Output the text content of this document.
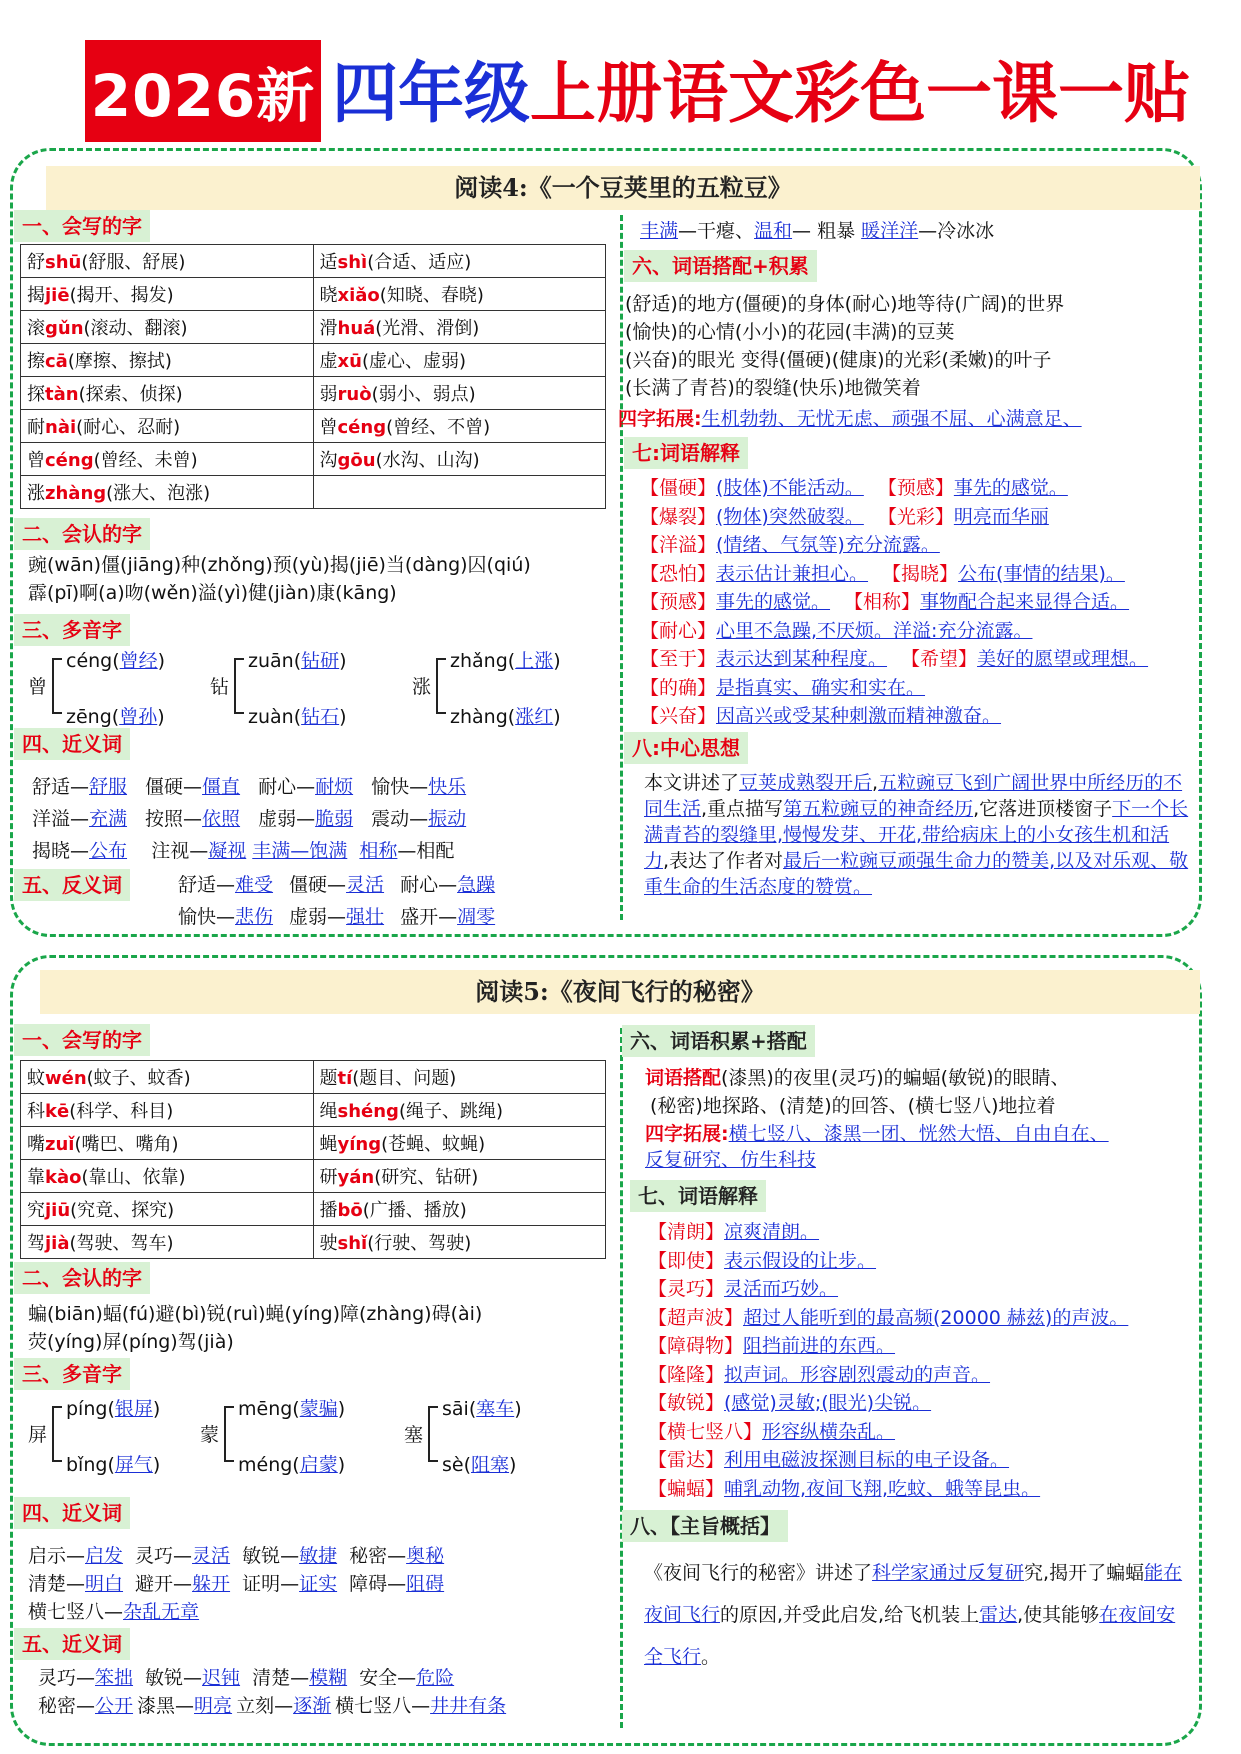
2026新 四年级上册语文彩色一课一贴
阅读4:《一个豆荚里的五粒豆》
一、会写的字
舒shū(舒服、舒展)	适shì(合适、适应)
揭jiē(揭开、揭发)	晓xiǎo(知晓、春晓)
滚gǔn(滚动、翻滚)	滑huá(光滑、滑倒)
擦cā(摩擦、擦拭)	虚xū(虚心、虚弱)
探tàn(探索、侦探)	弱ruò(弱小、弱点)
耐nài(耐心、忍耐)	曾céng(曾经、不曾)
曾céng(曾经、未曾)	沟gōu(水沟、山沟)
涨zhàng(涨大、泡涨)	
二、会认的字
豌(wān)僵(jiāng)种(zhǒng)预(yù)揭(jiē)当(dàng)囚(qiú)
霹(pī)啊(a)吻(wěn)溢(yì)健(jiàn)康(kāng)
三、多音字
曾
céng(曾经)
zēng(曾孙)
钻
zuān(钻研)
zuàn(钻石)
涨
zhǎng(上涨)
zhàng(涨红)
四、近义词
舒适—舒服 僵硬—僵直 耐心—耐烦 愉快—快乐
洋溢—充满 按照—依照 虚弱—脆弱 震动—振动
揭晓—公布 注视—凝视 丰满—饱满 相称—相配
五、反义词	舒适—难受 僵硬—灵活 耐心—急躁
愉快—悲伤 虚弱—强壮 盛开—凋零
丰满—干瘪、温和— 粗暴 暖洋洋—冷冰冰
六、词语搭配+积累
(舒适)的地方(僵硬)的身体(耐心)地等待(广阔)的世界
(愉快)的心情(小小)的花园(丰满)的豆荚
(兴奋)的眼光 变得(僵硬)(健康)的光彩(柔嫩)的叶子
(长满了青苔)的裂缝(快乐)地微笑着
四字拓展:生机勃勃、无忧无虑、顽强不屈、心满意足、
七:词语解释
【僵硬】(肢体)不能活动。 【预感】事先的感觉。
【爆裂】(物体)突然破裂。 【光彩】明亮而华丽
【洋溢】(情绪、气氛等)充分流露。
【恐怕】表示估计兼担心。 【揭晓】公布(事情的结果)。
【预感】事先的感觉。 【相称】事物配合起来显得合适。
【耐心】心里不急躁,不厌烦。洋溢:充分流露。
【至于】表示达到某种程度。 【希望】美好的愿望或理想。
【的确】是指真实、确实和实在。
【兴奋】因高兴或受某种刺激而精神激奋。
八:中心思想
本文讲述了豆荚成熟裂开后,五粒豌豆飞到广阔世界中所经历的不同生活,重点描写第五粒豌豆的神奇经历,它落进顶楼窗子下一个长满青苔的裂缝里,慢慢发芽、开花,带给病床上的小女孩生机和活力,表达了作者对最后一粒豌豆顽强生命力的赞美,以及对乐观、敬重生命的生活态度的赞赏。
阅读5:《夜间飞行的秘密》
一、会写的字
蚊wén(蚊子、蚊香)	题tí(题目、问题)
科kē(科学、科目)	绳shéng(绳子、跳绳)
嘴zuǐ(嘴巴、嘴角)	蝇yíng(苍蝇、蚊蝇)
靠kào(靠山、依靠)	研yán(研究、钻研)
究jiū(究竟、探究)	播bō(广播、播放)
驾jià(驾驶、驾车)	驶shǐ(行驶、驾驶)
二、会认的字
蝙(biān)蝠(fú)避(bì)锐(ruì)蝇(yíng)障(zhàng)碍(ài)
荧(yíng)屏(píng)驾(jià)
三、多音字
屏
píng(银屏)
bǐng(屏气)
蒙
mēng(蒙骗)
méng(启蒙)
塞
sāi(塞车)
sè(阻塞)
四、近义词
启示—启发 灵巧—灵活 敏锐—敏捷 秘密—奥秘
清楚—明白 避开—躲开 证明—证实 障碍—阻碍
横七竖八—杂乱无章
五、近义词
灵巧—笨拙 敏锐—迟钝 清楚—模糊 安全—危险
秘密—公开 漆黑—明亮 立刻—逐渐 横七竖八—井井有条
六、词语积累+搭配
词语搭配(漆黑)的夜里(灵巧)的蝙蝠(敏锐)的眼睛、
(秘密)地探路、(清楚)的回答、(横七竖八)地拉着
四字拓展:横七竖八、漆黑一团、恍然大悟、自由自在、
反复研究、仿生科技
七、词语解释
【清朗】凉爽清朗。
【即使】表示假设的让步。
【灵巧】灵活而巧妙。
【超声波】超过人能听到的最高频(20000 赫兹)的声波。
【障碍物】阻挡前进的东西。
【隆隆】拟声词。形容剧烈震动的声音。
【敏锐】(感觉)灵敏;(眼光)尖锐。
【横七竖八】形容纵横杂乱。
【雷达】利用电磁波探测目标的电子设备。
【蝙蝠】哺乳动物,夜间飞翔,吃蚊、蛾等昆虫。
八、【主旨概括】
《夜间飞行的秘密》讲述了科学家通过反复研究,揭开了蝙蝠能在夜间飞行的原因,并受此启发,给飞机装上雷达,使其能够在夜间安全飞行。
